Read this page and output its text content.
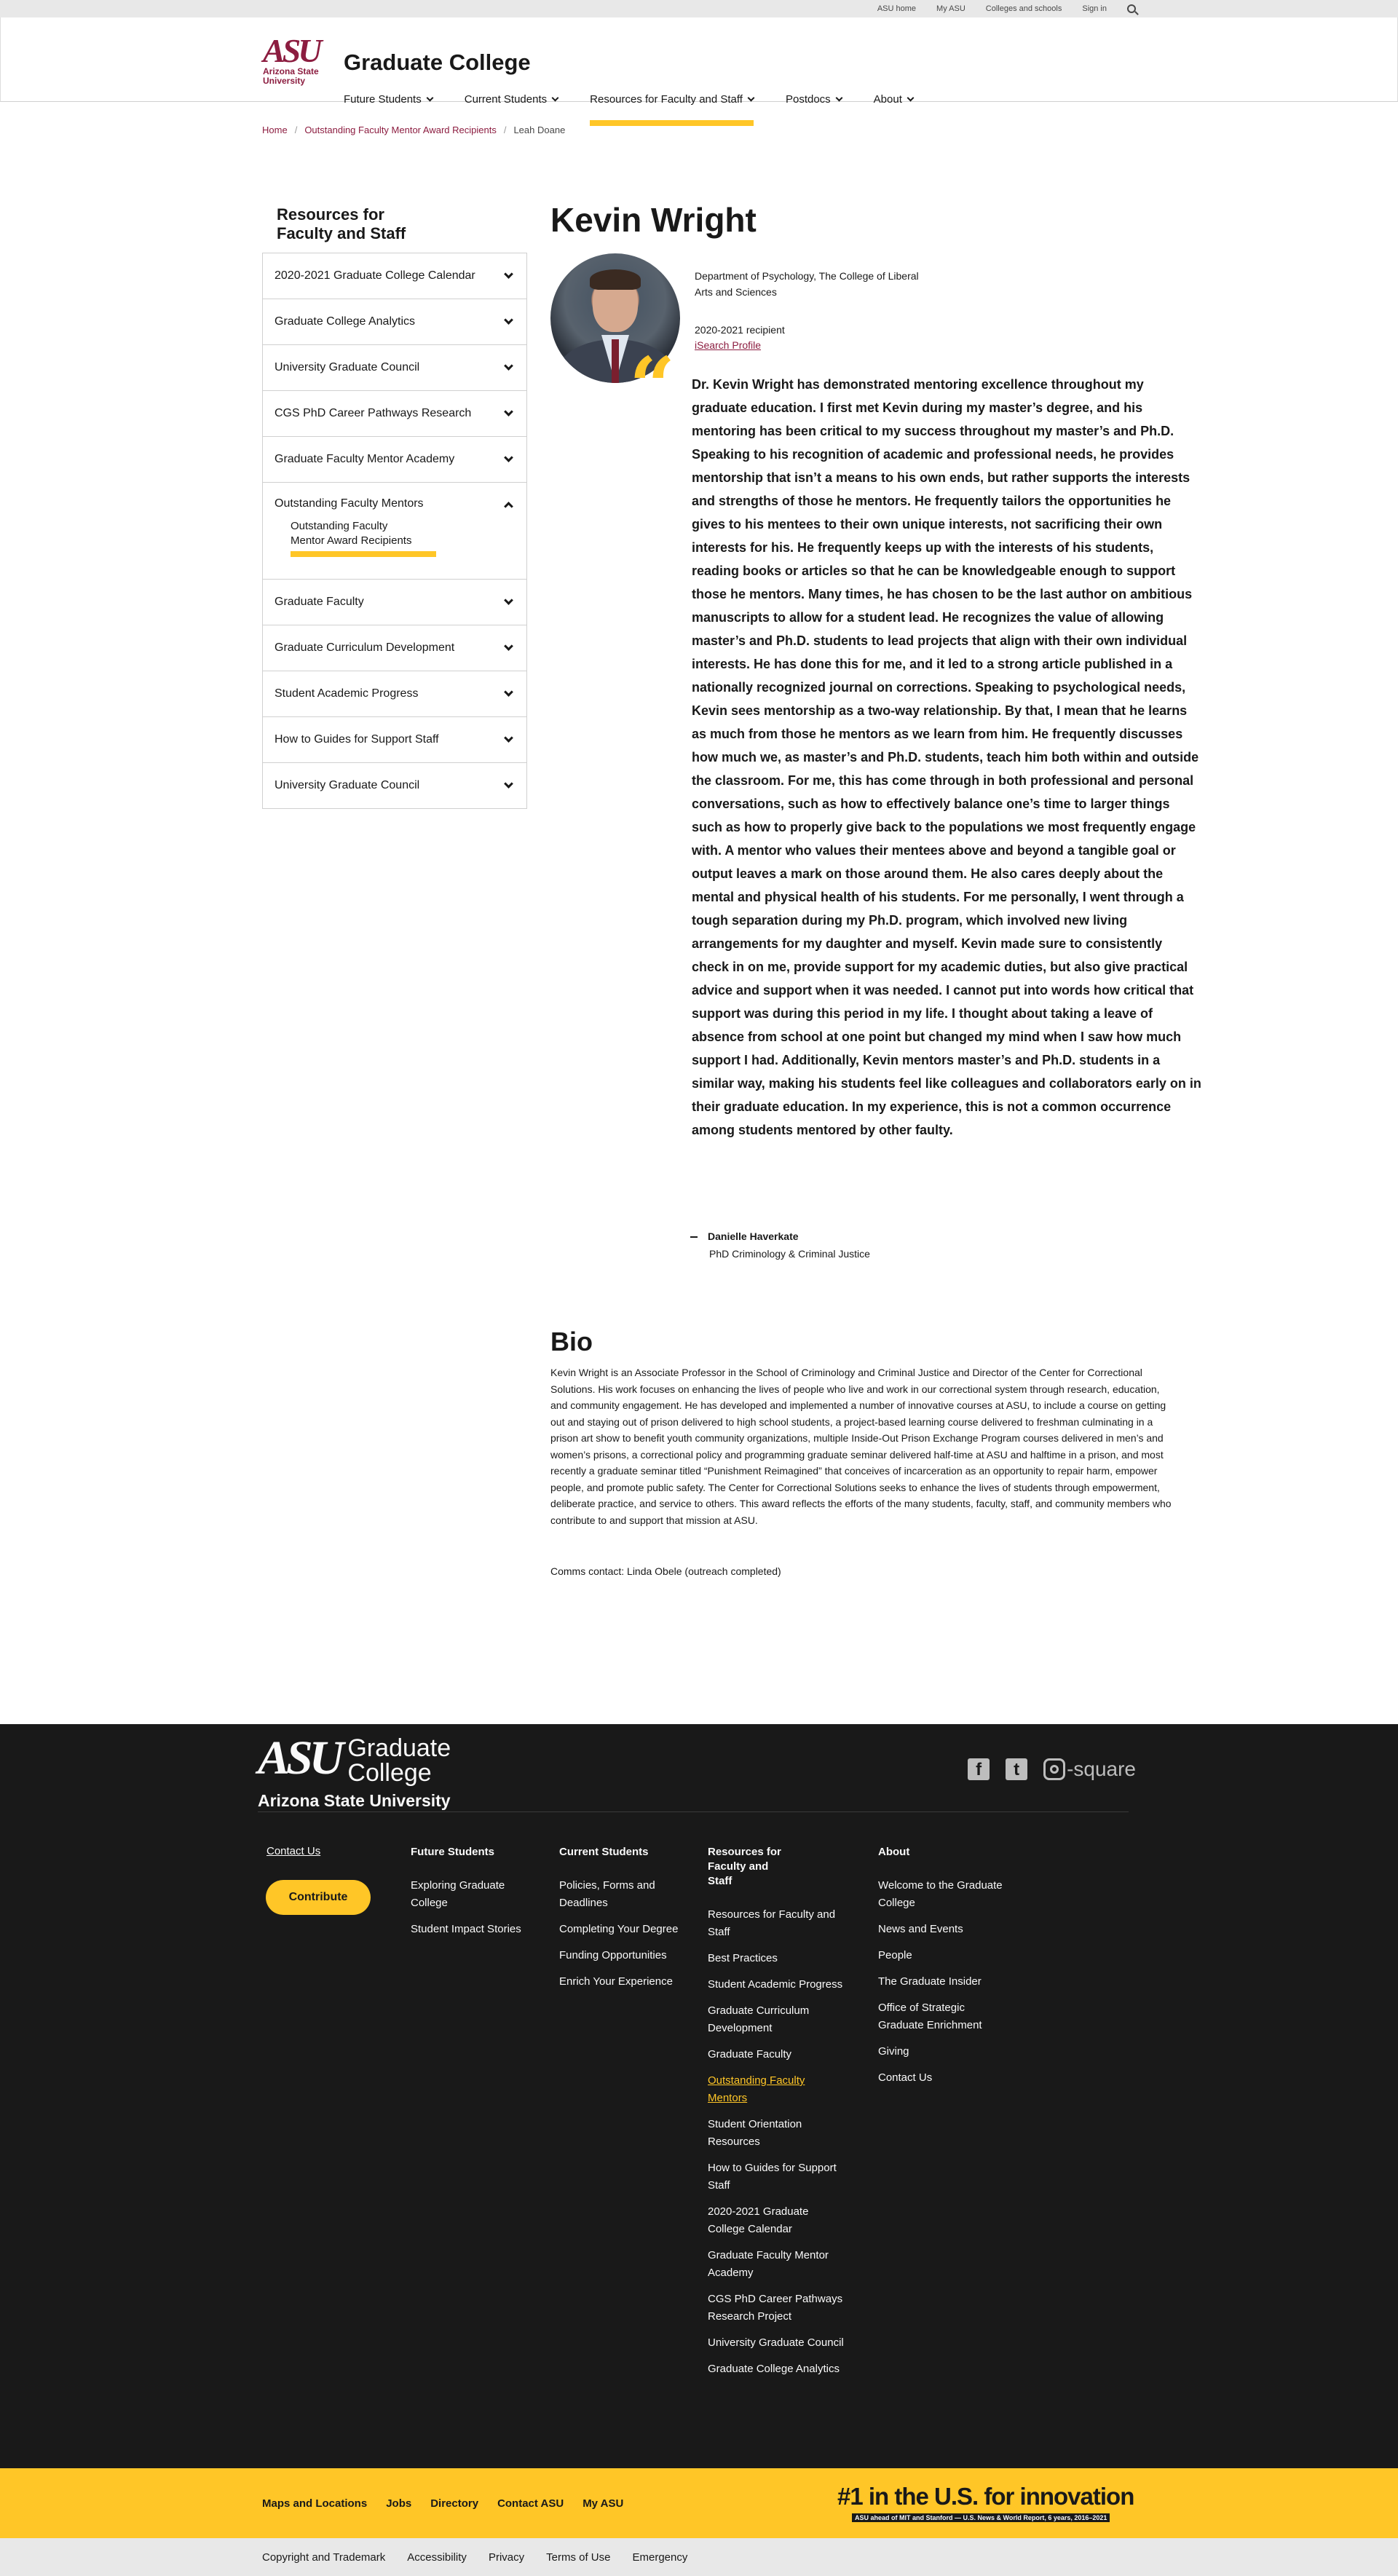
ASU home	My ASU	Colleges and schools	Sign in
ASU
Arizona State
University
Graduate College
Future Students	Current Students	Resources for Faculty and Staff	Postdocs	About
Home / Outstanding Faculty Mentor Award Recipients / Leah Doane
Resources for
Faculty and Staff
2020-2021 Graduate College Calendar
Graduate College Analytics
University Graduate Council
CGS PhD Career Pathways Research
Graduate Faculty Mentor Academy
Outstanding Faculty Mentors
Outstanding Faculty
Mentor Award Recipients
Graduate Faculty
Graduate Curriculum Development
Student Academic Progress
How to Guides for Support Staff
University Graduate Council
Kevin Wright
“
Department of Psychology, The College of Liberal Arts and Sciences
2020-2021 recipient
iSearch Profile

Dr. Kevin Wright has demonstrated mentoring excellence throughout my graduate education. I first met Kevin during my master’s degree, and his mentoring has been critical to my success throughout my master’s and Ph.D. Speaking to his recognition of academic and professional needs, he provides mentorship that isn’t a means to his own ends, but rather supports the interests and strengths of those he mentors. He frequently tailors the opportunities he gives to his mentees to their own unique interests, not sacrificing their own interests for his. He frequently keeps up with the interests of his students, reading books or articles so that he can be knowledgeable enough to support those he mentors. Many times, he has chosen to be the last author on ambitious manuscripts to allow for a student lead. He recognizes the value of allowing master’s and Ph.D. students to lead projects that align with their own individual interests. He has done this for me, and it led to a strong article published in a nationally recognized journal on corrections. Speaking to psychological needs, Kevin sees mentorship as a two-way relationship. By that, I mean that he learns as much from those he mentors as we learn from him. He frequently discusses how much we, as master’s and Ph.D. students, teach him both within and outside the classroom. For me, this has come through in both professional and personal conversations, such as how to effectively balance one’s time to larger things such as how to properly give back to the populations we most frequently engage with. A mentor who values their mentees above and beyond a tangible goal or output leaves a mark on those around them. He also cares deeply about the mental and physical health of his students. For me personally, I went through a tough separation during my Ph.D. program, which involved new living arrangements for my daughter and myself. Kevin made sure to consistently check in on me, provide support for my academic duties, but also give practical advice and support when it was needed. I cannot put into words how critical that support was during this period in my life. I thought about taking a leave of absence from school at one point but changed my mind when I saw how much support I had. Additionally, Kevin mentors master’s and Ph.D. students in a similar way, making his students feel like colleagues and collaborators early on in their graduate education. In my experience, this is not a common occurrence among students mentored by other faulty.

Danielle Haverkate
PhD Criminology & Criminal Justice
Bio

Kevin Wright is an Associate Professor in the School of Criminology and Criminal Justice and Director of the Center for Correctional Solutions. His work focuses on enhancing the lives of people who live and work in our correctional system through research, education, and community engagement. He has developed and implemented a number of innovative courses at ASU, to include a course on getting out and staying out of prison delivered to high school students, a project-based learning course delivered to freshman culminating in a prison art show to benefit youth community organizations, multiple Inside-Out Prison Exchange Program courses delivered in men’s and women’s prisons, a correctional policy and programming graduate seminar delivered half-time at ASU and halftime in a prison, and most recently a graduate seminar titled “Punishment Reimagined” that conceives of incarceration as an opportunity to repair harm, empower people, and promote public safety. The Center for Correctional Solutions seeks to enhance the lives of students through empowerment, deliberate practice, and service to others. This award reflects the efforts of the many students, faculty, staff, and community members who contribute to and support that mission at ASU.

Comms contact: Linda Obele (outreach completed)

ASU Graduate
College
Arizona State University
f	t	-square
Contact Us
Contribute
Future Students
Exploring Graduate College
Student Impact Stories
Current Students
Policies, Forms and Deadlines
Completing Your Degree
Funding Opportunities
Enrich Your Experience
Resources for Faculty and Staff
Resources for Faculty and Staff
Best Practices
Student Academic Progress
Graduate Curriculum Development
Graduate Faculty
Outstanding Faculty Mentors
Student Orientation Resources
How to Guides for Support Staff
2020-2021 Graduate College Calendar
Graduate Faculty Mentor Academy
CGS PhD Career Pathways Research Project
University Graduate Council
Graduate College Analytics
About
Welcome to the Graduate College
News and Events
People
The Graduate Insider
Office of Strategic Graduate Enrichment
Giving
Contact Us
Maps and Locations Jobs Directory Contact ASU My ASU	#1 in the U.S. for innovation
ASU ahead of MIT and Stanford — U.S. News & World Report, 6 years, 2016–2021
Copyright and Trademark Accessibility Privacy Terms of Use Emergency
